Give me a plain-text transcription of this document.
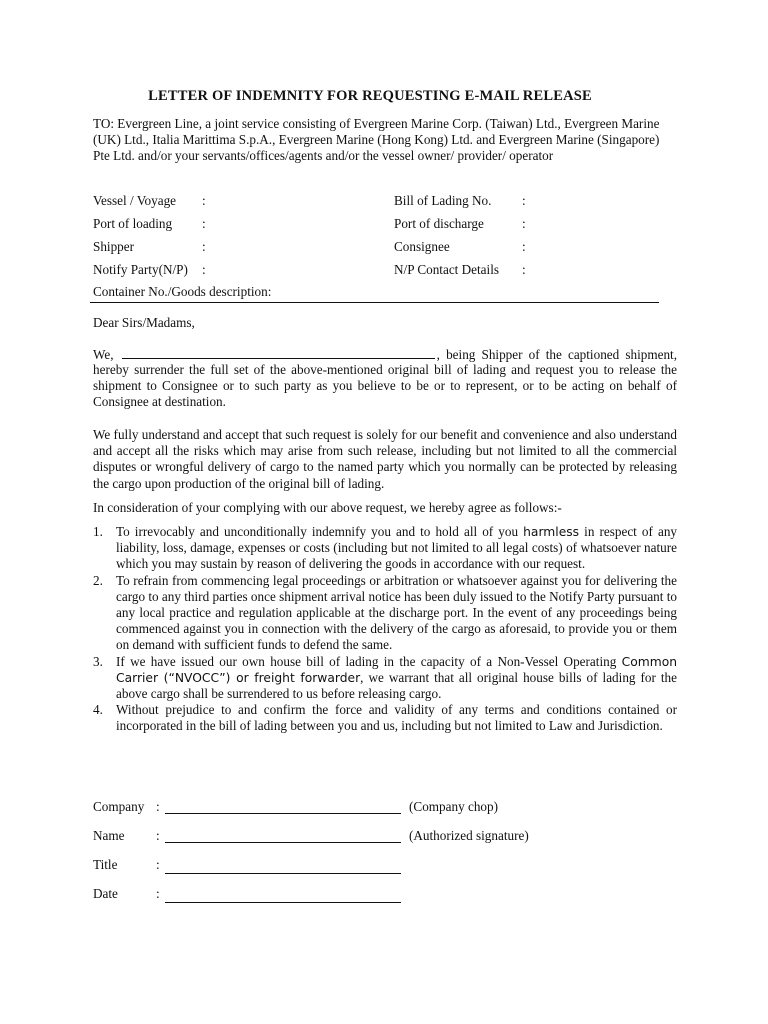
LETTER OF INDEMNITY FOR REQUESTING E-MAIL RELEASE
TO: Evergreen Line, a joint service consisting of Evergreen Marine Corp. (Taiwan) Ltd., Evergreen Marine (UK) Ltd., Italia Marittima S.p.A., Evergreen Marine (Hong Kong) Ltd. and Evergreen Marine (Singapore) Pte Ltd. and/or your servants/offices/agents and/or the vessel owner/ provider/ operator
Vessel / Voyage :	Bill of Lading No. :
Port of loading :	Port of discharge	:
Shipper	:	Consignee	:
Notify Party(N/P) :	N/P Contact Details :
Container No./Goods description:
Dear Sirs/Madams,
We,	, being Shipper of the captioned shipment,
hereby surrender the full set of the above-mentioned original bill of lading and request you to release the shipment to Consignee or to such party as you believe to be or to represent, or to be acting on behalf of Consignee at destination.
We fully understand and accept that such request is solely for our benefit and convenience and also understand and accept all the risks which may arise from such release, including but not limited to all the commercial disputes or wrongful delivery of cargo to the named party which you normally can be protected by releasing the cargo upon production of the original bill of lading.
In consideration of your complying with our above request, we hereby agree as follows:-
1. To irrevocably and unconditionally indemnify you and to hold all of you harmless in respect of any liability, loss, damage, expenses or costs (including but not limited to all legal costs) of whatsoever nature which you may sustain by reason of delivering the goods in accordance with our request.
2. To refrain from commencing legal proceedings or arbitration or whatsoever against you for delivering the cargo to any third parties once shipment arrival notice has been duly issued to the Notify Party pursuant to any local practice and regulation applicable at the discharge port. In the event of any proceedings being commenced against you in connection with the delivery of the cargo as aforesaid, to provide you or them on demand with sufficient funds to defend the same.
3. If we have issued our own house bill of lading in the capacity of a Non-Vessel Operating Common Carrier (“NVOCC”) or freight forwarder, we warrant that all original house bills of lading for the above cargo shall be surrendered to us before releasing cargo.
4. Without prejudice to and confirm the force and validity of any terms and conditions contained or incorporated in the bill of lading between you and us, including but not limited to Law and Jurisdiction.
Company :	(Company chop)
Name :	(Authorized signature)
Title	:
Date	:
